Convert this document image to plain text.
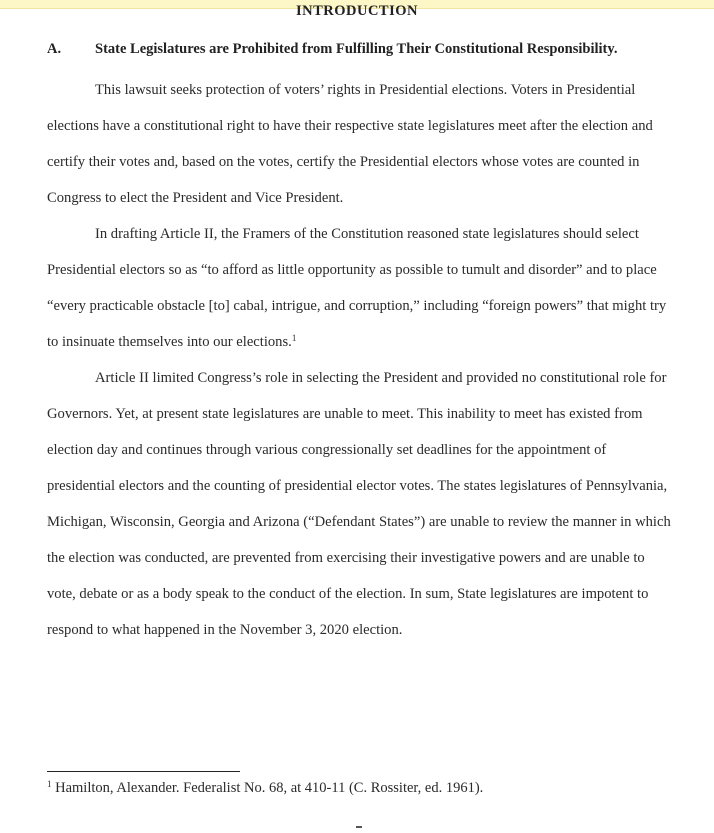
INTRODUCTION
A. State Legislatures are Prohibited from Fulfilling Their Constitutional Responsibility.

This lawsuit seeks protection of voters’ rights in Presidential elections. Voters in Presidential elections have a constitutional right to have their respective state legislatures meet after the election and certify their votes and, based on the votes, certify the Presidential electors whose votes are counted in Congress to elect the President and Vice President.

In drafting Article II, the Framers of the Constitution reasoned state legislatures should select Presidential electors so as “to afford as little opportunity as possible to tumult and disorder” and to place “every practicable obstacle [to] cabal, intrigue, and corruption,” including “foreign powers” that might try to insinuate themselves into our elections.$^1$

Article II limited Congress’s role in selecting the President and provided no constitutional role for Governors. Yet, at present state legislatures are unable to meet. This inability to meet has existed from election day and continues through various congressionally set deadlines for the appointment of presidential electors and the counting of presidential elector votes. The states legislatures of Pennsylvania, Michigan, Wisconsin, Georgia and Arizona (“Defendant States”) are unable to review the manner in which the election was conducted, are prevented from exercising their investigative powers and are unable to vote, debate or as a body speak to the conduct of the election. In sum, State legislatures are impotent to respond to what happened in the November 3, 2020 election.

$^1$ Hamilton, Alexander. Federalist No. 68, at 410-11 (C. Rossiter, ed. 1961).
